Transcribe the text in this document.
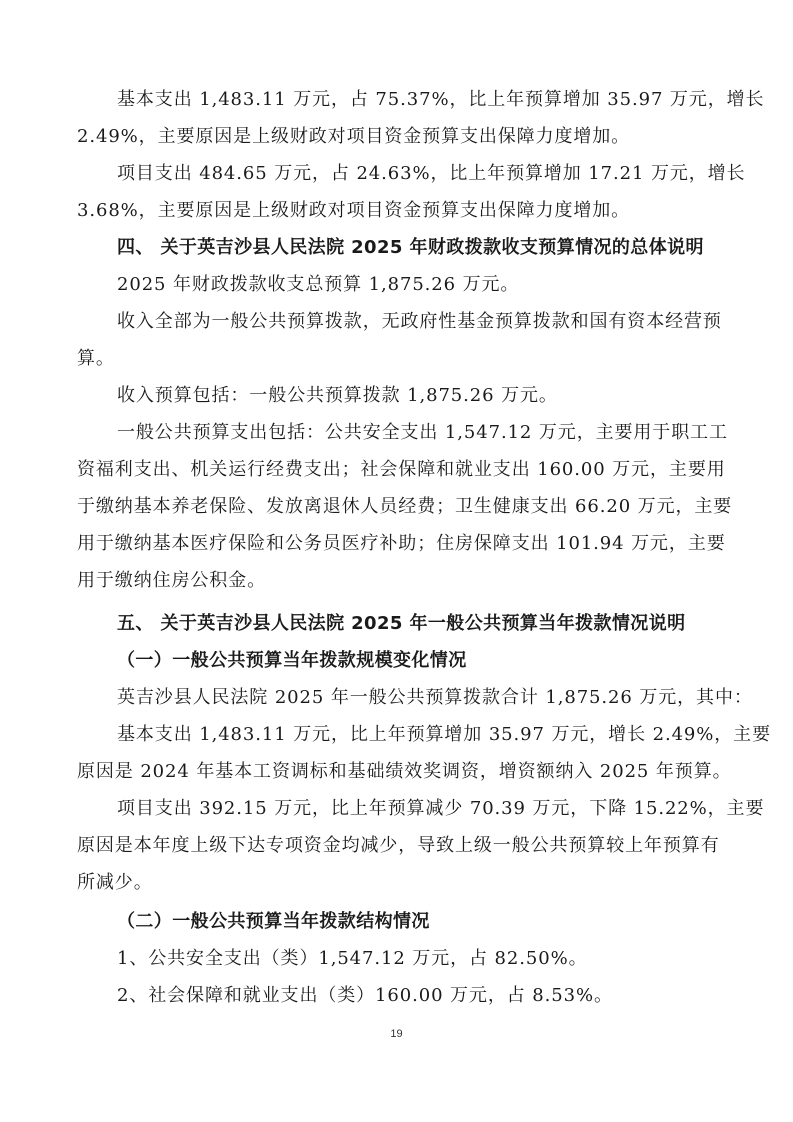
基本支出 1,483.11 万元，占 75.37%，比上年预算增加 35.97 万元，增长
2.49%，主要原因是上级财政对项目资金预算支出保障力度增加。
项目支出 484.65 万元，占 24.63%，比上年预算增加 17.21 万元，增长
3.68%，主要原因是上级财政对项目资金预算支出保障力度增加。
四、 关于英吉沙县人民法院 2025 年财政拨款收支预算情况的总体说明
2025 年财政拨款收支总预算 1,875.26 万元。
收入全部为一般公共预算拨款，无政府性基金预算拨款和国有资本经营预
算。
收入预算包括：一般公共预算拨款 1,875.26 万元。
一般公共预算支出包括：公共安全支出 1,547.12 万元，主要用于职工工
资福利支出、机关运行经费支出；社会保障和就业支出 160.00 万元，主要用
于缴纳基本养老保险、发放离退休人员经费；卫生健康支出 66.20 万元，主要
用于缴纳基本医疗保险和公务员医疗补助；住房保障支出 101.94 万元，主要
用于缴纳住房公积金。
五、 关于英吉沙县人民法院 2025 年一般公共预算当年拨款情况说明
（一）一般公共预算当年拨款规模变化情况
英吉沙县人民法院 2025 年一般公共预算拨款合计 1,875.26 万元，其中：
基本支出 1,483.11 万元，比上年预算增加 35.97 万元，增长 2.49%，主要
原因是 2024 年基本工资调标和基础绩效奖调资，增资额纳入 2025 年预算。
项目支出 392.15 万元，比上年预算减少 70.39 万元，下降 15.22%，主要
原因是本年度上级下达专项资金均减少，导致上级一般公共预算较上年预算有
所减少。
（二）一般公共预算当年拨款结构情况
1、公共安全支出（类）1,547.12 万元，占 82.50%。
2、社会保障和就业支出（类）160.00 万元，占 8.53%。
19
